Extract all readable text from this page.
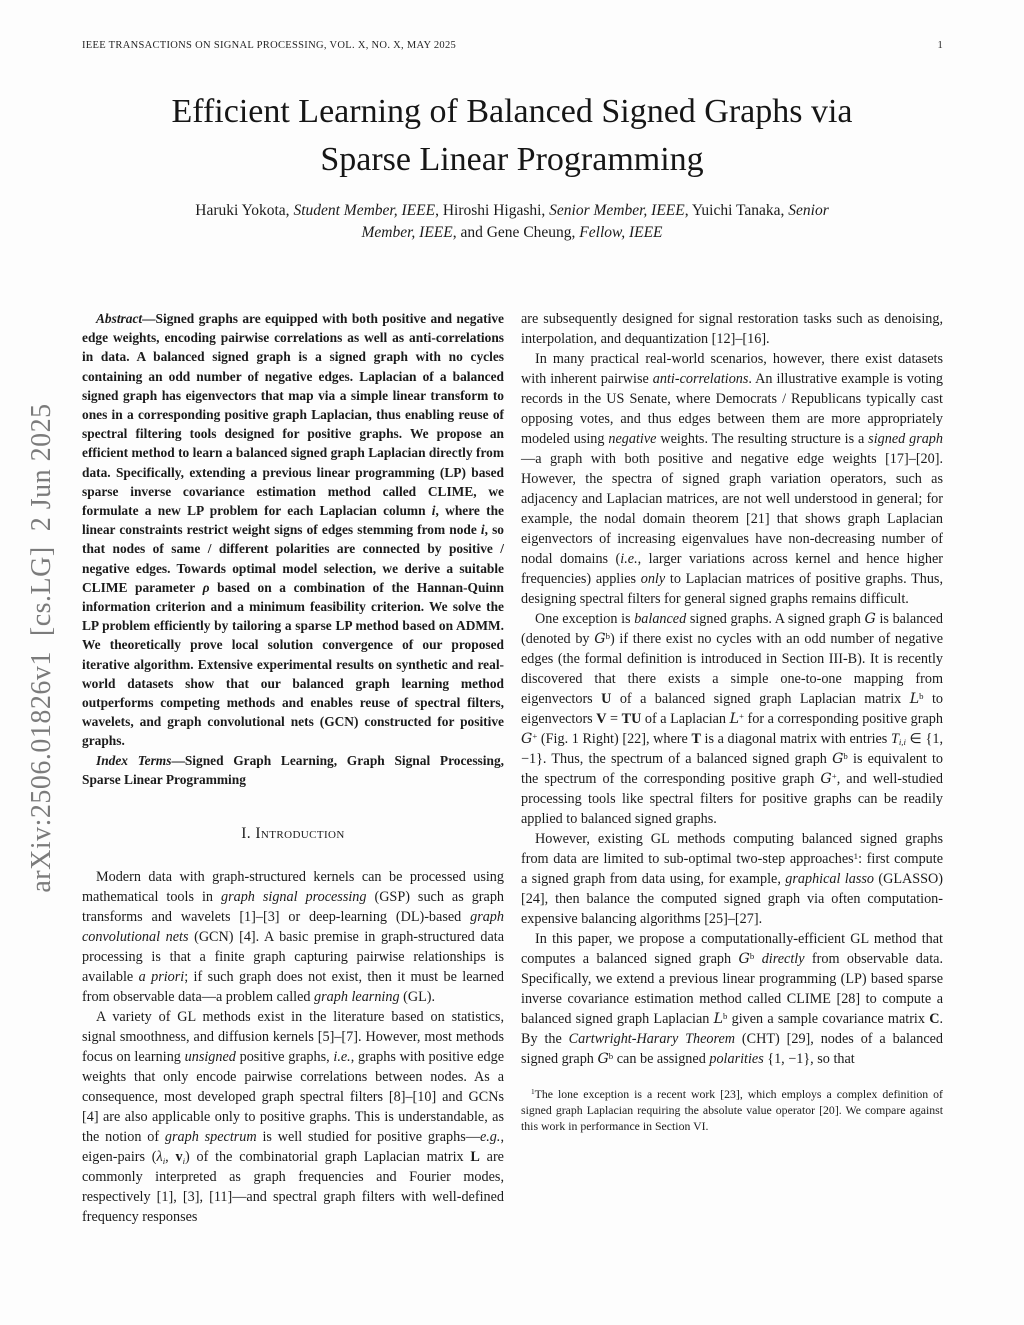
IEEE TRANSACTIONS ON SIGNAL PROCESSING, VOL. X, NO. X, MAY 2025	1
arXiv:2506.01826v1  [cs.LG]  2 Jun 2025
Efficient Learning of Balanced Signed Graphs via
Sparse Linear Programming
Haruki Yokota, Student Member, IEEE, Hiroshi Higashi, Senior Member, IEEE, Yuichi Tanaka, Senior
Member, IEEE, and Gene Cheung, Fellow, IEEE

Abstract—Signed graphs are equipped with both positive and negative edge weights, encoding pairwise correlations as well as anti-correlations in data. A balanced signed graph is a signed graph with no cycles containing an odd number of negative edges. Laplacian of a balanced signed graph has eigenvectors that map via a simple linear transform to ones in a corresponding positive graph Laplacian, thus enabling reuse of spectral filtering tools designed for positive graphs. We propose an efficient method to learn a balanced signed graph Laplacian directly from data. Specifically, extending a previous linear programming (LP) based sparse inverse covariance estimation method called CLIME, we formulate a new LP problem for each Laplacian column i, where the linear constraints restrict weight signs of edges stemming from node i, so that nodes of same / different polarities are connected by positive / negative edges. Towards optimal model selection, we derive a suitable CLIME parameter ρ based on a combination of the Hannan-Quinn information criterion and a minimum feasibility criterion. We solve the LP problem efficiently by tailoring a sparse LP method based on ADMM. We theoretically prove local solution convergence of our proposed iterative algorithm. Extensive experimental results on synthetic and real-world datasets show that our balanced graph learning method outperforms competing methods and enables reuse of spectral filters, wavelets, and graph convolutional nets (GCN) constructed for positive graphs.

Index Terms—Signed Graph Learning, Graph Signal Processing, Sparse Linear Programming

I. Introduction

Modern data with graph-structured kernels can be processed using mathematical tools in graph signal processing (GSP) such as graph transforms and wavelets [1]–[3] or deep-learning (DL)-based graph convolutional nets (GCN) [4]. A basic premise in graph-structured data processing is that a finite graph capturing pairwise relationships is available a priori; if such graph does not exist, then it must be learned from observable data—a problem called graph learning (GL).

A variety of GL methods exist in the literature based on statistics, signal smoothness, and diffusion kernels [5]–[7]. However, most methods focus on learning unsigned positive graphs, i.e., graphs with positive edge weights that only encode pairwise correlations between nodes. As a consequence, most developed graph spectral filters [8]–[10] and GCNs [4] are also applicable only to positive graphs. This is understandable, as the notion of graph spectrum is well studied for positive graphs—e.g., eigen-pairs ($\lambda_i$, $v_i$) of the combinatorial graph Laplacian matrix L are commonly interpreted as graph frequencies and Fourier modes, respectively [1], [3], [11]—and spectral graph filters with well-defined frequency responses

are subsequently designed for signal restoration tasks such as denoising, interpolation, and dequantization [12]–[16].

In many practical real-world scenarios, however, there exist datasets with inherent pairwise anti-correlations. An illustrative example is voting records in the US Senate, where Democrats / Republicans typically cast opposing votes, and thus edges between them are more appropriately modeled using negative weights. The resulting structure is a signed graph—a graph with both positive and negative edge weights [17]–[20]. However, the spectra of signed graph variation operators, such as adjacency and Laplacian matrices, are not well understood in general; for example, the nodal domain theorem [21] that shows graph Laplacian eigenvectors of increasing eigenvalues have non-decreasing number of nodal domains (i.e., larger variations across kernel and hence higher frequencies) applies only to Laplacian matrices of positive graphs. Thus, designing spectral filters for general signed graphs remains difficult.

One exception is balanced signed graphs. A signed graph G is balanced (denoted by $G^b$) if there exist no cycles with an odd number of negative edges (the formal definition is introduced in Section III-B). It is recently discovered that there exists a simple one-to-one mapping from eigenvectors U of a balanced signed graph Laplacian matrix $L^b$ to eigenvectors V = TU of a Laplacian L+ for a corresponding positive graph G+ (Fig. 1 Right) [22], where T is a diagonal matrix with entries $T_{i,i}$ ∈ {1, −1}. Thus, the spectrum of a balanced signed graph $G^b$ is equivalent to the spectrum of the corresponding positive graph G+, and well-studied processing tools like spectral filters for positive graphs can be readily applied to balanced signed graphs.

However, existing GL methods computing balanced signed graphs from data are limited to sub-optimal two-step approaches$^1$: first compute a signed graph from data using, for example, graphical lasso (GLASSO) [24], then balance the computed signed graph via often computation-expensive balancing algorithms [25]–[27].

In this paper, we propose a computationally-efficient GL method that computes a balanced signed graph $G^b$ directly from observable data. Specifically, we extend a previous linear programming (LP) based sparse inverse covariance estimation method called CLIME [28] to compute a balanced signed graph Laplacian $L^b$ given a sample covariance matrix C. By the Cartwright-Harary Theorem (CHT) [29], nodes of a balanced signed graph $G^b$ can be assigned polarities {1, −1}, so that

$^1$The lone exception is a recent work [23], which employs a complex definition of signed graph Laplacian requiring the absolute value operator [20]. We compare against this work in performance in Section VI.
